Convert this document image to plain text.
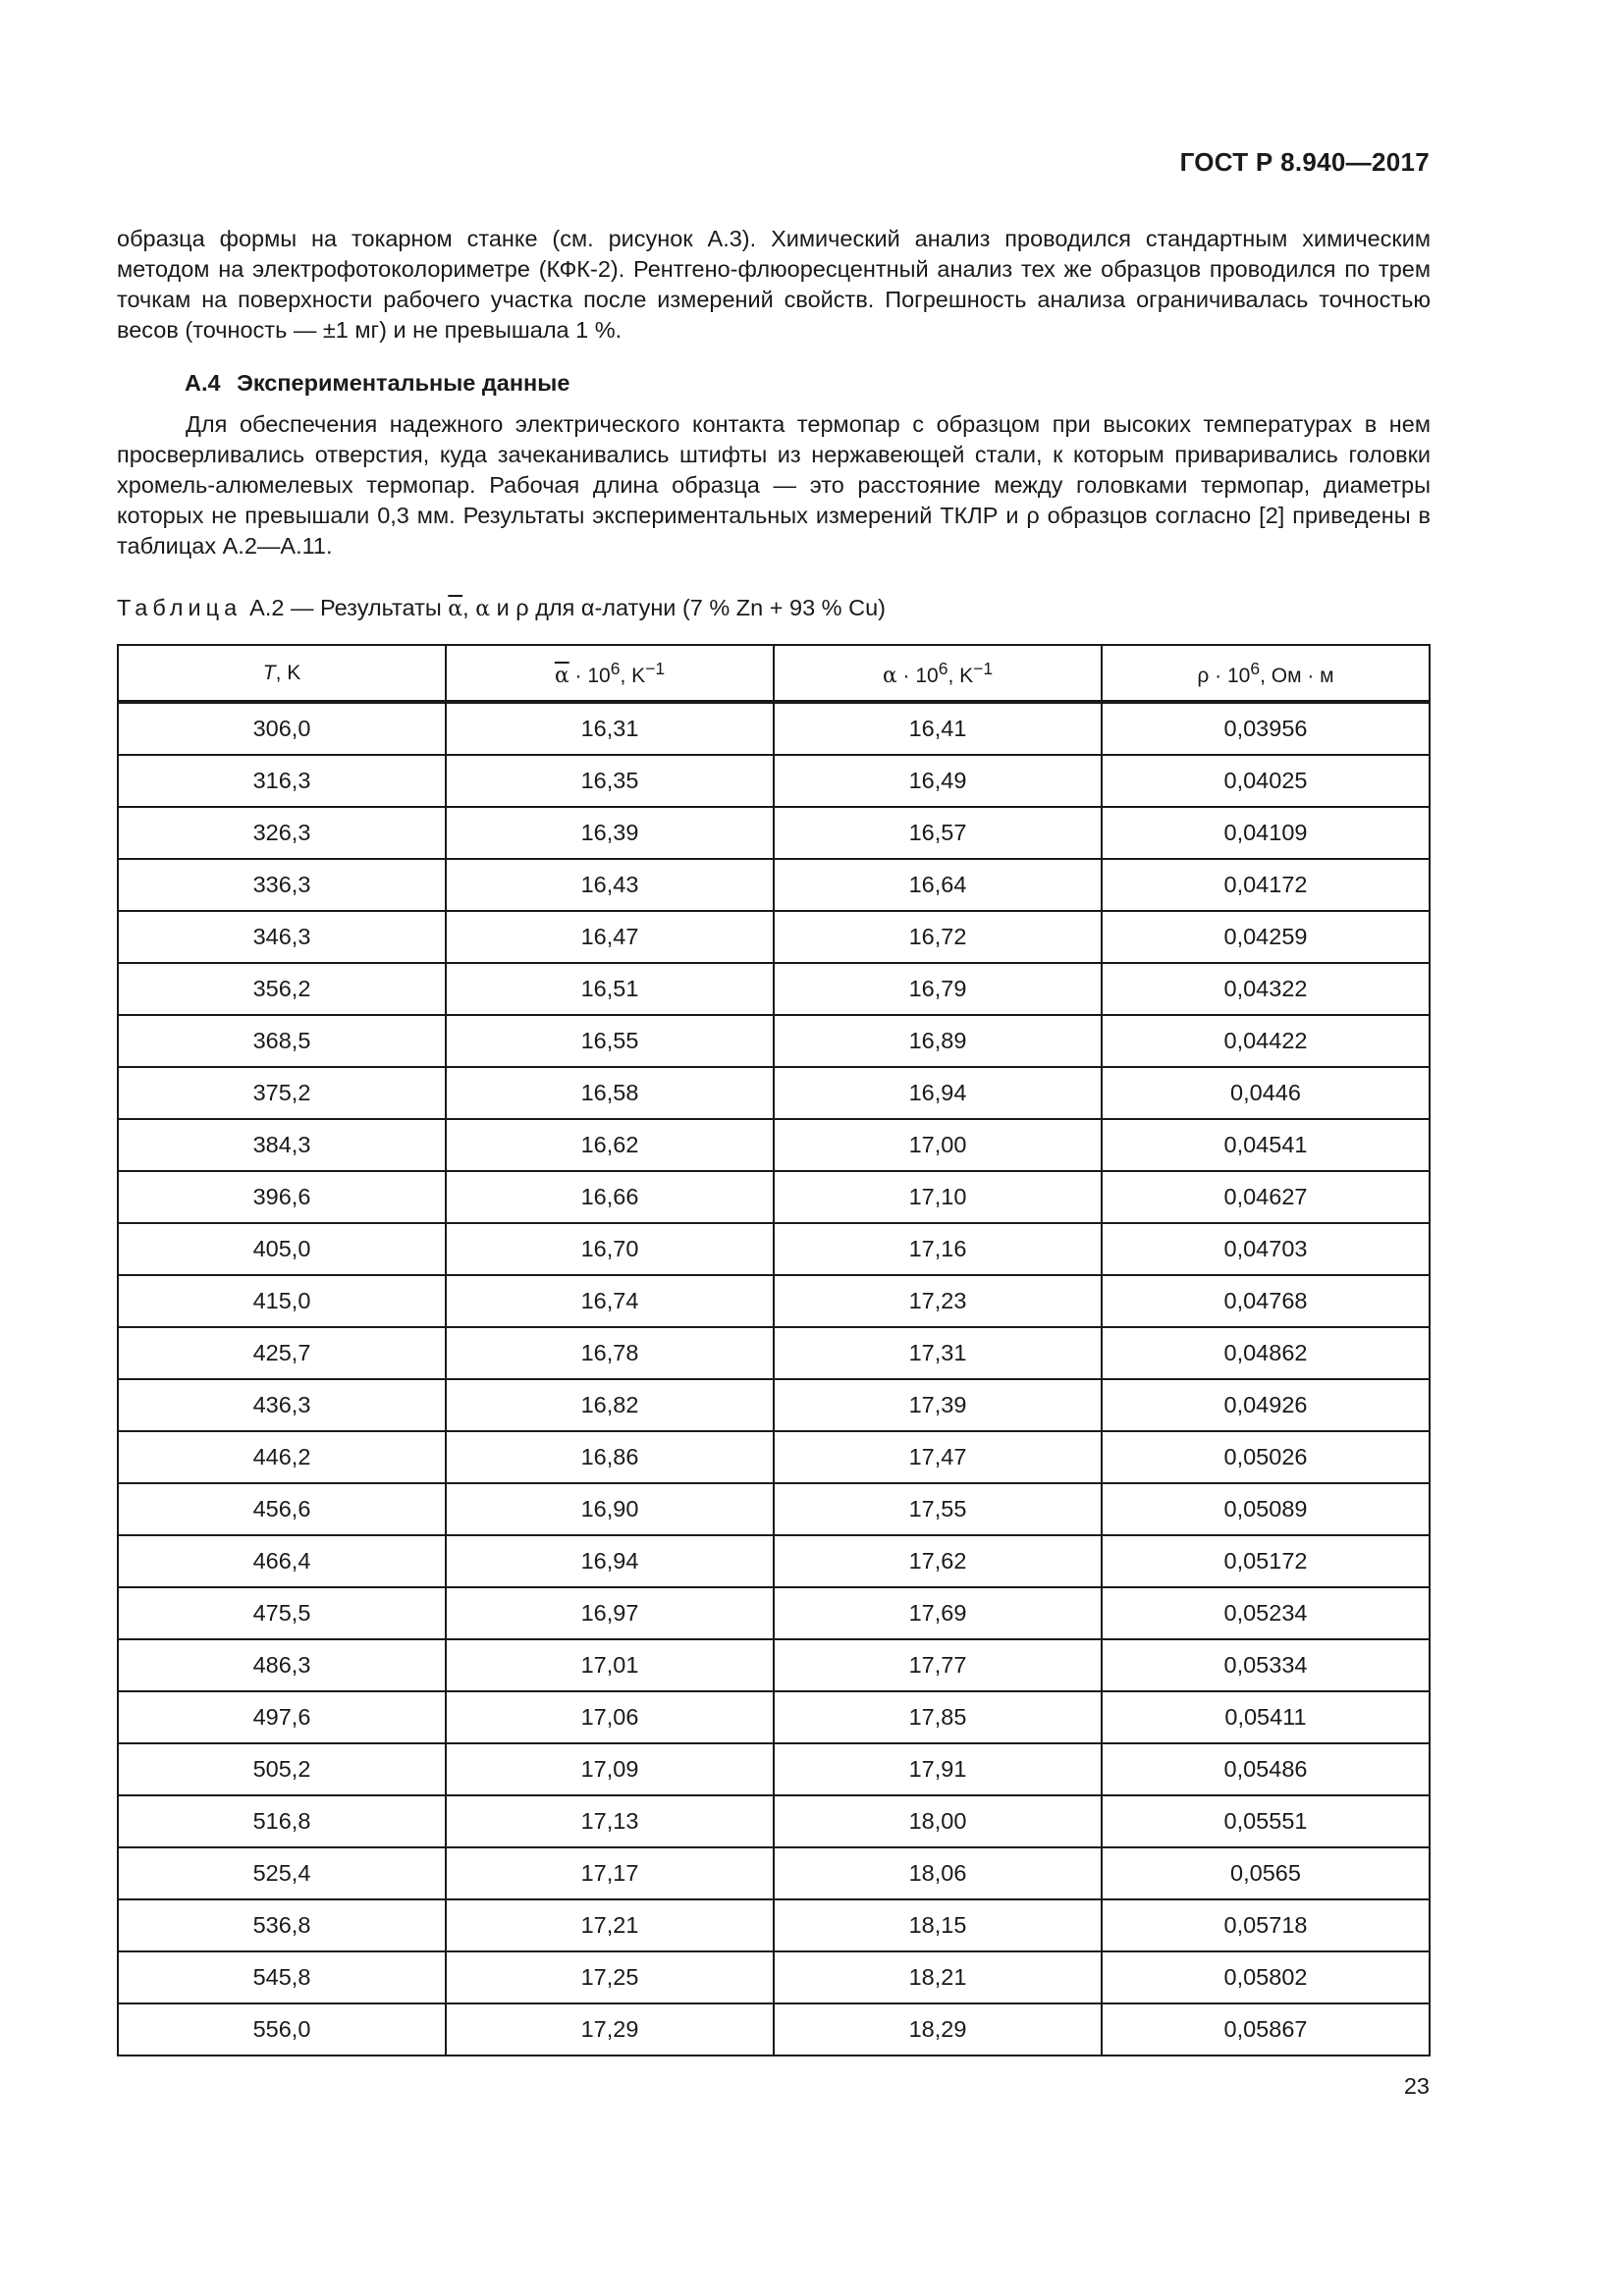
ГОСТ Р 8.940—2017

образца формы на токарном станке (см. рисунок А.3). Химический анализ проводился стандартным химическим методом на электрофотоколориметре (КФК-2). Рентгено-флюоресцентный анализ тех же образцов проводился по трем точкам на поверхности рабочего участка после измерений свойств. Погрешность анализа ограничивалась точностью весов (точность — ±1 мг) и не превышала 1 %.

А.4 Экспериментальные данные

Для обеспечения надежного электрического контакта термопар с образцом при высоких температурах в нем просверливались отверстия, куда зачеканивались штифты из нержавеющей стали, к которым приваривались головки хромель-алюмелевых термопар. Рабочая длина образца — это расстояние между головками термопар, диаметры которых не превышали 0,3 мм. Результаты экспериментальных измерений ТКЛР и ρ образцов согласно [2] приведены в таблицах А.2—А.11.

Таблица А.2 — Результаты $\overline{\alpha}$, α и ρ для α-латуни (7 % Zn + 93 % Cu)
T, K	$\overline{\alpha} \cdot 10^6$, $K^{-1}$	$\alpha \cdot 10^6$, $K^{-1}$	$\rho \cdot 10^6$, Ом · м
306,0	16,31	16,41	0,03956
316,3	16,35	16,49	0,04025
326,3	16,39	16,57	0,04109
336,3	16,43	16,64	0,04172
346,3	16,47	16,72	0,04259
356,2	16,51	16,79	0,04322
368,5	16,55	16,89	0,04422
375,2	16,58	16,94	0,0446
384,3	16,62	17,00	0,04541
396,6	16,66	17,10	0,04627
405,0	16,70	17,16	0,04703
415,0	16,74	17,23	0,04768
425,7	16,78	17,31	0,04862
436,3	16,82	17,39	0,04926
446,2	16,86	17,47	0,05026
456,6	16,90	17,55	0,05089
466,4	16,94	17,62	0,05172
475,5	16,97	17,69	0,05234
486,3	17,01	17,77	0,05334
497,6	17,06	17,85	0,05411
505,2	17,09	17,91	0,05486
516,8	17,13	18,00	0,05551
525,4	17,17	18,06	0,0565
536,8	17,21	18,15	0,05718
545,8	17,25	18,21	0,05802
556,0	17,29	18,29	0,05867
23
